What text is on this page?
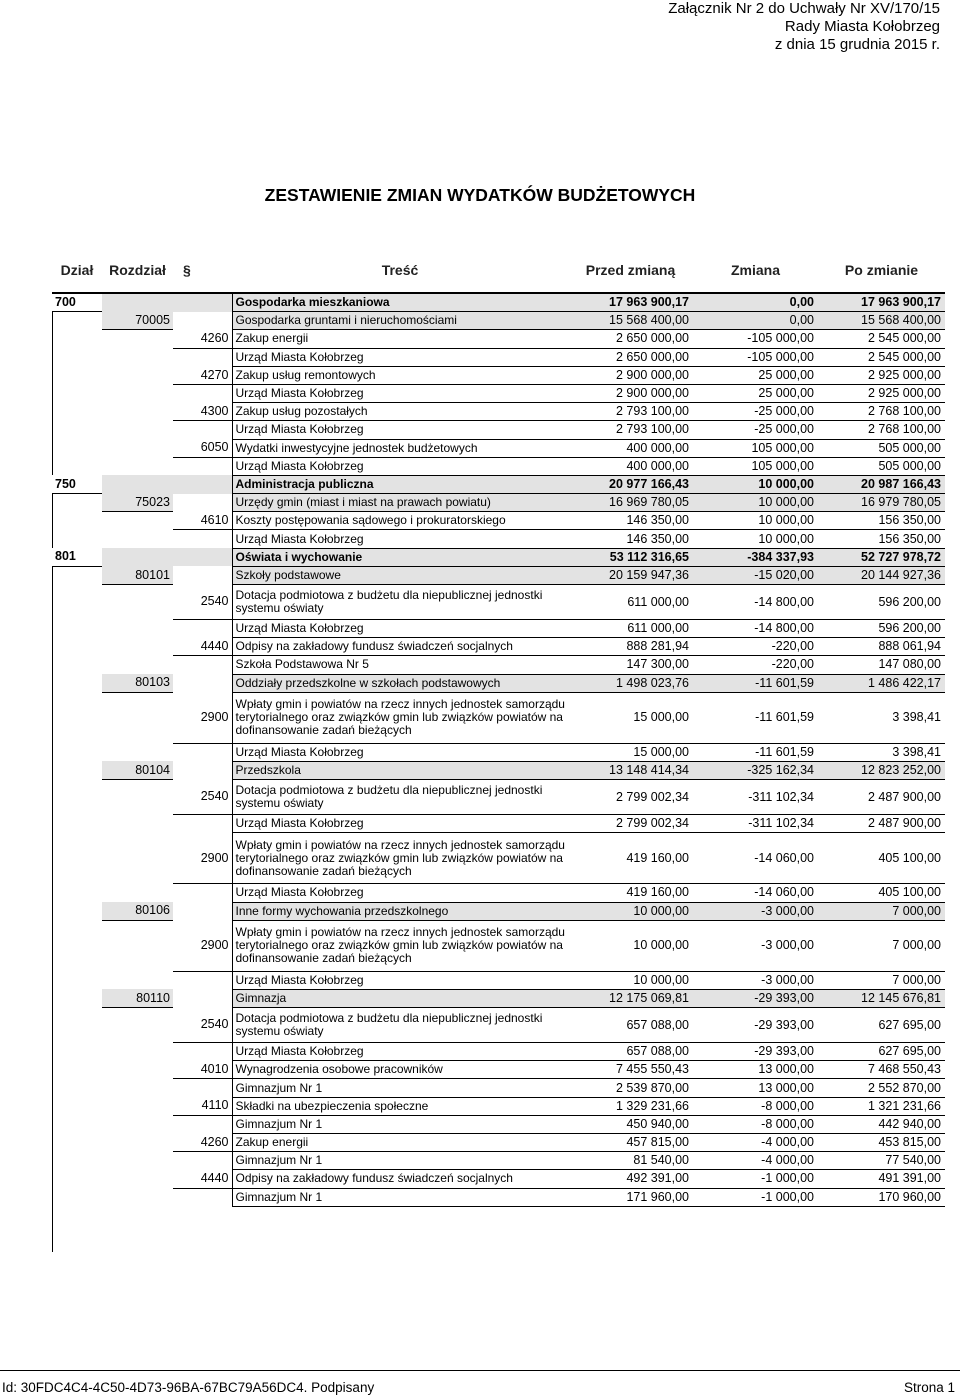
Załącznik Nr 2 do Uchwały Nr XV/170/15
Rady Miasta Kołobrzeg
z dnia 15 grudnia 2015 r.
ZESTAWIENIE ZMIAN WYDATKÓW BUDŻETOWYCH
Dział	Rozdział	§	Treść	Przed zmianą	Zmiana	Po zmianie
700			Gospodarka mieszkaniowa	17 963 900,17	0,00	17 963 900,17
	70005		Gospodarka gruntami i nieruchomościami	15 568 400,00	0,00	15 568 400,00
		4260	Zakup energii	2 650 000,00	-105 000,00	2 545 000,00
			Urząd Miasta Kołobrzeg	2 650 000,00	-105 000,00	2 545 000,00
		4270	Zakup usług remontowych	2 900 000,00	25 000,00	2 925 000,00
			Urząd Miasta Kołobrzeg	2 900 000,00	25 000,00	2 925 000,00
		4300	Zakup usług pozostałych	2 793 100,00	-25 000,00	2 768 100,00
			Urząd Miasta Kołobrzeg	2 793 100,00	-25 000,00	2 768 100,00
		6050	Wydatki inwestycyjne jednostek budżetowych	400 000,00	105 000,00	505 000,00
			Urząd Miasta Kołobrzeg	400 000,00	105 000,00	505 000,00
750			Administracja publiczna	20 977 166,43	10 000,00	20 987 166,43
	75023		Urzędy gmin (miast i miast na prawach powiatu)	16 969 780,05	10 000,00	16 979 780,05
		4610	Koszty postępowania sądowego i prokuratorskiego	146 350,00	10 000,00	156 350,00
			Urząd Miasta Kołobrzeg	146 350,00	10 000,00	156 350,00
801			Oświata i wychowanie	53 112 316,65	-384 337,93	52 727 978,72
	80101		Szkoły podstawowe	20 159 947,36	-15 020,00	20 144 927,36
		2540	Dotacja podmiotowa z budżetu dla niepublicznej jednostki systemu oświaty	611 000,00	-14 800,00	596 200,00
			Urząd Miasta Kołobrzeg	611 000,00	-14 800,00	596 200,00
		4440	Odpisy na zakładowy fundusz świadczeń socjalnych	888 281,94	-220,00	888 061,94
			Szkoła Podstawowa Nr 5	147 300,00	-220,00	147 080,00
	80103		Oddziały przedszkolne w szkołach podstawowych	1 498 023,76	-11 601,59	1 486 422,17
		2900	Wpłaty gmin i powiatów na rzecz innych jednostek samorządu terytorialnego oraz związków gmin lub związków powiatów na dofinansowanie zadań bieżących	15 000,00	-11 601,59	3 398,41
			Urząd Miasta Kołobrzeg	15 000,00	-11 601,59	3 398,41
	80104		Przedszkola	13 148 414,34	-325 162,34	12 823 252,00
		2540	Dotacja podmiotowa z budżetu dla niepublicznej jednostki systemu oświaty	2 799 002,34	-311 102,34	2 487 900,00
			Urząd Miasta Kołobrzeg	2 799 002,34	-311 102,34	2 487 900,00
		2900	Wpłaty gmin i powiatów na rzecz innych jednostek samorządu terytorialnego oraz związków gmin lub związków powiatów na dofinansowanie zadań bieżących	419 160,00	-14 060,00	405 100,00
			Urząd Miasta Kołobrzeg	419 160,00	-14 060,00	405 100,00
	80106		Inne formy wychowania przedszkolnego	10 000,00	-3 000,00	7 000,00
		2900	Wpłaty gmin i powiatów na rzecz innych jednostek samorządu terytorialnego oraz związków gmin lub związków powiatów na dofinansowanie zadań bieżących	10 000,00	-3 000,00	7 000,00
			Urząd Miasta Kołobrzeg	10 000,00	-3 000,00	7 000,00
	80110		Gimnazja	12 175 069,81	-29 393,00	12 145 676,81
		2540	Dotacja podmiotowa z budżetu dla niepublicznej jednostki systemu oświaty	657 088,00	-29 393,00	627 695,00
			Urząd Miasta Kołobrzeg	657 088,00	-29 393,00	627 695,00
		4010	Wynagrodzenia osobowe pracowników	7 455 550,43	13 000,00	7 468 550,43
			Gimnazjum Nr 1	2 539 870,00	13 000,00	2 552 870,00
		4110	Składki na ubezpieczenia społeczne	1 329 231,66	-8 000,00	1 321 231,66
			Gimnazjum Nr 1	450 940,00	-8 000,00	442 940,00
		4260	Zakup energii	457 815,00	-4 000,00	453 815,00
			Gimnazjum Nr 1	81 540,00	-4 000,00	77 540,00
		4440	Odpisy na zakładowy fundusz świadczeń socjalnych	492 391,00	-1 000,00	491 391,00
			Gimnazjum Nr 1	171 960,00	-1 000,00	170 960,00
Id: 30FDC4C4-4C50-4D73-96BA-67BC79A56DC4. Podpisany	Strona 1
